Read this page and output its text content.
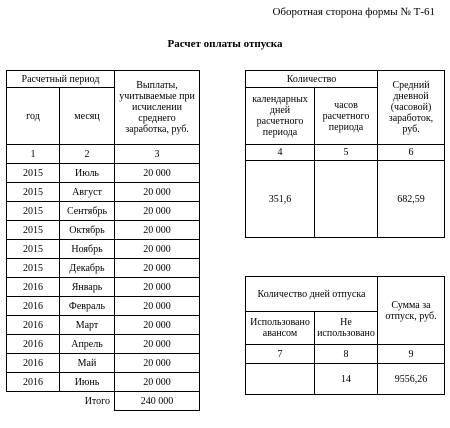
Оборотная сторона формы № Т-61
Расчет оплаты отпуска
Расчетный период		Выплаты, учитываемые при исчислении среднего заработка, руб.
год	месяц	
1	2	3
2015	Июль	20 000
2015	Август	20 000
2015	Сентябрь	20 000
2015	Октябрь	20 000
2015	Ноябрь	20 000
2015	Декабрь	20 000
2016	Январь	20 000
2016	Февраль	20 000
2016	Март	20 000
2016	Апрель	20 000
2016	Май	20 000
2016	Июнь	20 000
Итого		240 000
Количество		Средний дневной (часовой) заработок, руб.
календарных дней расчетного периода	часов расчетного периода	
4	5	6
351,6		682,59
Количество дней отпуска		Сумма за отпуск, руб.
Использовано авансом	Не использовано	
7	8	9
	14	9556,26
